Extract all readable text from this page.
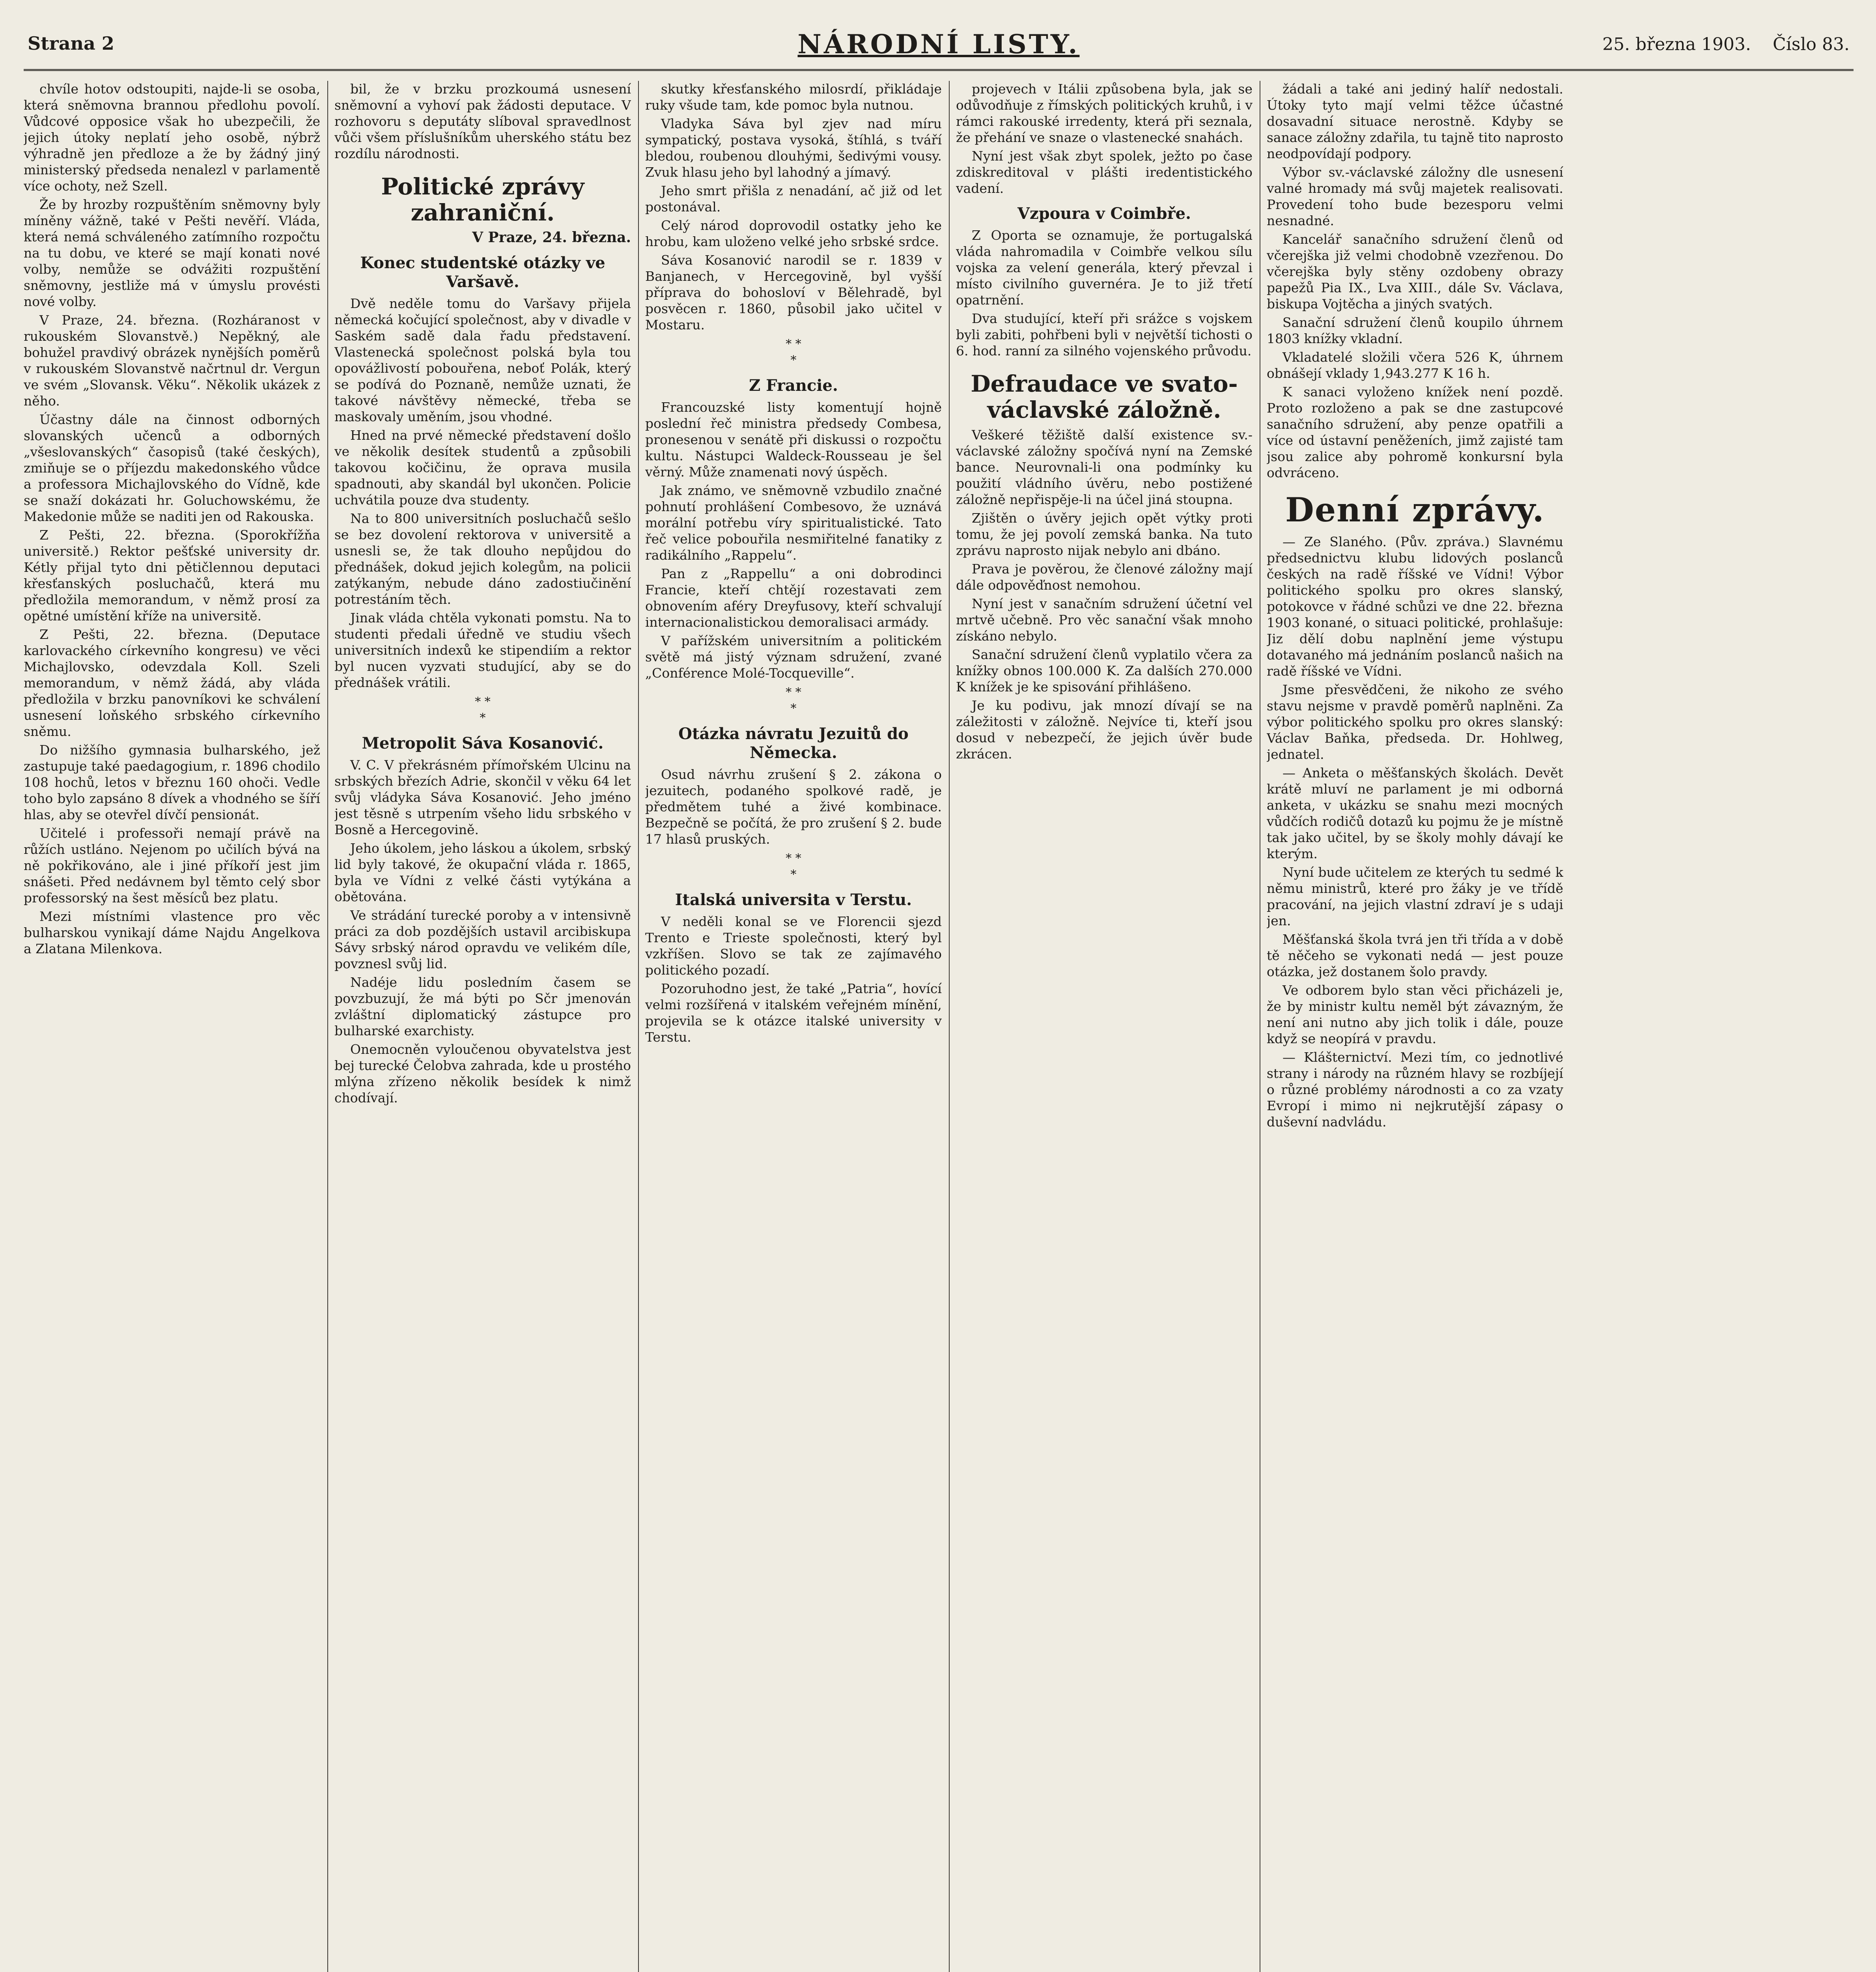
Strana 2	NÁRODNÍ LISTY.	25. března 1903. Číslo 83.

chvíle hotov odstoupiti, najde-li se osoba, která sněmovna brannou předlohu povolí. Vůdcové opposice však ho ubezpečili, že jejich útoky neplatí jeho osobě, nýbrž výhradně jen předloze a že by žádný jiný ministerský předseda nenalezl v parlamentě více ochoty, než Szell.

Že by hrozby rozpuštěním sněmovny byly míněny vážně, také v Pešti nevěří. Vláda, která nemá schváleného zatímního rozpočtu na tu dobu, ve které se mají konati nové volby, nemůže se odvážiti rozpuštění sněmovny, jestliže má v úmyslu provésti nové volby.

V Praze, 24. března. (Rozháranost v rukouském Slovanstvě.) Nepěkný, ale bohužel pravdivý obrázek nynějších poměrů v rukouském Slovanstvě načrtnul dr. Vergun ve svém „Slovansk. Věku“. Několik ukázek z něho.

Účastny dále na činnost odborných slovanských učenců a odborných „všeslovanských“ časopisů (také českých), zmiňuje se o příjezdu makedonského vůdce a professora Michajlovského do Vídně, kde se snaží dokázati hr. Goluchowskému, že Makedonie může se naditi jen od Rakouska.

Z Pešti, 22. března. (Sporokřížňa universitě.) Rektor pešťské university dr. Kétly přijal tyto dni pětičlennou deputaci křesťanských posluchačů, která mu předložila memorandum, v němž prosí za opětné umístění kříže na universitě.

Z Pešti, 22. března. (Deputace karlovackého církevního kongresu) ve věci Michajlovsko, odevzdala Koll. Szeli memorandum, v němž žádá, aby vláda předložila v brzku panovníkovi ke schválení usnesení loňského srbského církevního sněmu.

Do nižšího gymnasia bulharského, jež zastupuje také paedagogium, r. 1896 chodilo 108 hochů, letos v březnu 160 ohoči. Vedle toho bylo zapsáno 8 dívek a vhodného se šíří hlas, aby se otevřel dívčí pensionát.

Učitelé i professoři nemají právě na růžích ustláno. Nejenom po učilích bývá na ně pokřikováno, ale i jiné příkoří jest jim snášeti. Před nedávnem byl těmto celý sbor professorský na šest měsíců bez platu.

Mezi místními vlastence pro věc bulharskou vynikají dáme Najdu Angelkova a Zlatana Milenkova.

bil, že v brzku prozkoumá usnesení sněmovní a vyhoví pak žádosti deputace. V rozhovoru s deputáty slíboval spravedlnost vůči všem příslušníkům uherského státu bez rozdílu národnosti.

Politické zprávy zahraniční.
V Praze, 24. března.
Konec studentské otázky ve Varšavě.

Dvě neděle tomu do Varšavy přijela německá kočující společnost, aby v divadle v Saském sadě dala řadu představení. Vlastenecká společnost polská byla tou opovážlivostí pobouřena, neboť Polák, který se podívá do Poznaně, nemůže uznati, že takové návštěvy německé, třeba se maskovaly uměním, jsou vhodné.

Hned na prvé německé představení došlo ve několik desítek studentů a způsobili takovou kočičinu, že oprava musila spadnouti, aby skandál byl ukončen. Policie uchvátila pouze dva studenty.

Na to 800 universitních posluchačů sešlo se bez dovolení rektorova v universitě a usnesli se, že tak dlouho nepůjdou do přednášek, dokud jejich kolegům, na policii zatýkaným, nebude dáno zadostiučinění potrestáním těch.

Jinak vláda chtěla vykonati pomstu. Na to studenti předali úředně ve studiu všech universitních indexů ke stipendiím a rektor byl nucen vyzvati studující, aby se do přednášek vrátili.

* *
*
Metropolit Sáva Kosanović.

V. C. V překrásném přímořském Ulcinu na srbských březích Adrie, skončil v věku 64 let svůj vládyka Sáva Kosanović. Jeho jméno jest těsně s utrpením všeho lidu srbského v Bosně a Hercegovině.

Jeho úkolem, jeho láskou a úkolem, srbský lid byly takové, že okupační vláda r. 1865, byla ve Vídni z velké části vytýkána a obětována.

Ve strádání turecké poroby a v intensivně práci za dob pozdějších ustavil arcibiskupa Sávy srbský národ opravdu ve velikém díle, povznesl svůj lid.

Nadéje lidu posledním časem se povzbuzují, že má býti po Sčr jmenován zvláštní diplomatický zástupce pro bulharské exarchisty.

Onemocněn vyloučenou obyvatelstva jest bej turecké Čelobva zahrada, kde u prostého mlýna zřízeno několik besídek k nimž chodívají.

skutky křesťanského milosrdí, přikládaje ruky všude tam, kde pomoc byla nutnou.

Vladyka Sáva byl zjev nad míru sympatický, postava vysoká, štíhlá, s tváří bledou, roubenou dlouhými, šedivými vousy. Zvuk hlasu jeho byl lahodný a jímavý.

Jeho smrt přišla z nenadání, ač již od let postonával.

Celý národ doprovodil ostatky jeho ke hrobu, kam uloženo velké jeho srbské srdce.

Sáva Kosanović narodil se r. 1839 v Banjanech, v Hercegovině, byl vyšší příprava do bohosloví v Bělehradě, byl posvěcen r. 1860, působil jako učitel v Mostaru.

* *
*
Z Francie.

Francouzské listy komentují hojně poslední řeč ministra předsedy Combesa, pronesenou v senátě při diskussi o rozpočtu kultu. Nástupci Waldeck-Rousseau je šel věrný. Může znamenati nový úspěch.

Jak známo, ve sněmovně vzbudilo značné pohnutí prohlášení Combesovo, že uznává morální potřebu víry spiritualistické. Tato řeč velice pobouřila nesmiřitelné fanatiky z radikálního „Rappelu“.

Pan z „Rappellu“ a oni dobrodinci Francie, kteří chtějí rozestavati zem obnovením aféry Dreyfusovy, kteří schvalují internacionalistickou demoralisaci armády.

V pařížském universitním a politickém světě má jistý význam sdružení, zvané „Conférence Molé-Tocqueville“.

* *
*
Otázka návratu Jezuitů do Německa.

Osud návrhu zrušení § 2. zákona o jezuitech, podaného spolkové radě, je předmětem tuhé a živé kombinace. Bezpečně se počítá, že pro zrušení § 2. bude 17 hlasů pruských.

* *
*
Italská universita v Terstu.

V neděli konal se ve Florencii sjezd Trento e Trieste společnosti, který byl vzkříšen. Slovo se tak ze zajímavého politického pozadí.

Pozoruhodno jest, že také „Patria“, hovící velmi rozšířená v italském veřejném mínění, projevila se k otázce italské university v Terstu.

projevech v Itálii způsobena byla, jak se odůvodňuje z římských politických kruhů, i v rámci rakouské irredenty, která při seznala, že přehání ve snaze o vlastenecké snahách.

Nyní jest však zbyt spolek, ježto po čase zdiskreditoval v plášti iredentistického vadení.

Vzpoura v Coimbře.

Z Oporta se oznamuje, že portugalská vláda nahromadila v Coimbře velkou sílu vojska za velení generála, který převzal i místo civilního guvernéra. Je to již třetí opatrnění.

Dva studující, kteří při srážce s vojskem byli zabiti, pohřbeni byli v největší tichosti o 6. hod. ranní za silného vojenského průvodu.

Defraudace ve svato-václavské záložně.

Veškeré těžiště další existence sv.-václavské záložny spočívá nyní na Zemské bance. Neurovnali-li ona podmínky ku použití vládního úvěru, nebo postižené záložně nepřispěje-li na účel jiná stoupna.

Zjištěn o úvěry jejich opět výtky proti tomu, že jej povolí zemská banka. Na tuto zprávu naprosto nijak nebylo ani dbáno.

Prava je pověrou, že členové záložny mají dále odpověďnost nemohou.

Nyní jest v sanačním sdružení účetní vel mrtvě učebně. Pro věc sanační však mnoho získáno nebylo.

Sanační sdružení členů vyplatilo včera za knížky obnos 100.000 K. Za dalších 270.000 K knížek je ke spisování přihlášeno.

Je ku podivu, jak mnozí dívají se na záležitosti v záložně. Nejvíce ti, kteří jsou dosud v nebezpečí, že jejich úvěr bude zkrácen.

žádali a také ani jediný halíř nedostali. Útoky tyto mají velmi těžce účastné dosavadní situace nerostně. Kdyby se sanace záložny zdařila, tu tajně tito naprosto neodpovídají podpory.

Výbor sv.-václavské záložny dle usnesení valné hromady má svůj majetek realisovati. Provedení toho bude bezesporu velmi nesnadné.

Kancelář sanačního sdružení členů od včerejška již velmi chodobně vzezřenou. Do včerejška byly stěny ozdobeny obrazy papežů Pia IX., Lva XIII., dále Sv. Václava, biskupa Vojtěcha a jiných svatých.

Sanační sdružení členů koupilo úhrnem 1803 knížky vkladní.

Vkladatelé složili včera 526 K, úhrnem obnášejí vklady 1,943.277 K 16 h.

K sanaci vyloženo knížek není pozdě. Proto rozloženo a pak se dne zastupcové sanačního sdružení, aby penze opatřili a více od ústavní peněženích, jimž zajisté tam jsou zalice aby pohromě konkursní byla odvráceno.

Denní zprávy.

— Ze Slaného. (Pův. zpráva.) Slavnému předsednictvu klubu lidových poslanců českých na radě říšské ve Vídni! Výbor politického spolku pro okres slanský, potokovce v řádné schůzi ve dne 22. března 1903 konané, o situaci politické, prohlašuje: Jiz dělí dobu naplnění jeme výstupu dotavaného má jednáním poslanců našich na radě říšské ve Vídni.

Jsme přesvědčeni, že nikoho ze svého stavu nejsme v pravdě poměrů naplněni. Za výbor politického spolku pro okres slanský: Václav Baňka, předseda. Dr. Hohlweg, jednatel.

— Anketa o měšťanských školách. Devět krátě mluví ne parlament je mi odborná anketa, v ukázku se snahu mezi mocných vůdčích rodičů dotazů ku pojmu že je místně tak jako učitel, by se školy mohly dávají ke kterým.

Nyní bude učitelem ze kterých tu sedmé k němu ministrů, které pro žáky je ve třídě pracování, na jejich vlastní zdraví je s udaji jen.

Měšťanská škola tvrá jen tři třída a v době tě něčeho se vykonati nedá — jest pouze otázka, jež dostanem šolo pravdy.

Ve odborem bylo stan věci přicházeli je, že by ministr kultu neměl být závazným, že není ani nutno aby jich tolik i dále, pouze když se neopírá v pravdu.

— Klášternictví. Mezi tím, co jednotlivé strany i národy na různém hlavy se rozbíjejí o různé problémy národnosti a co za vzaty Evropí i mimo ni nejkrutější zápasy o duševní nadvládu.
